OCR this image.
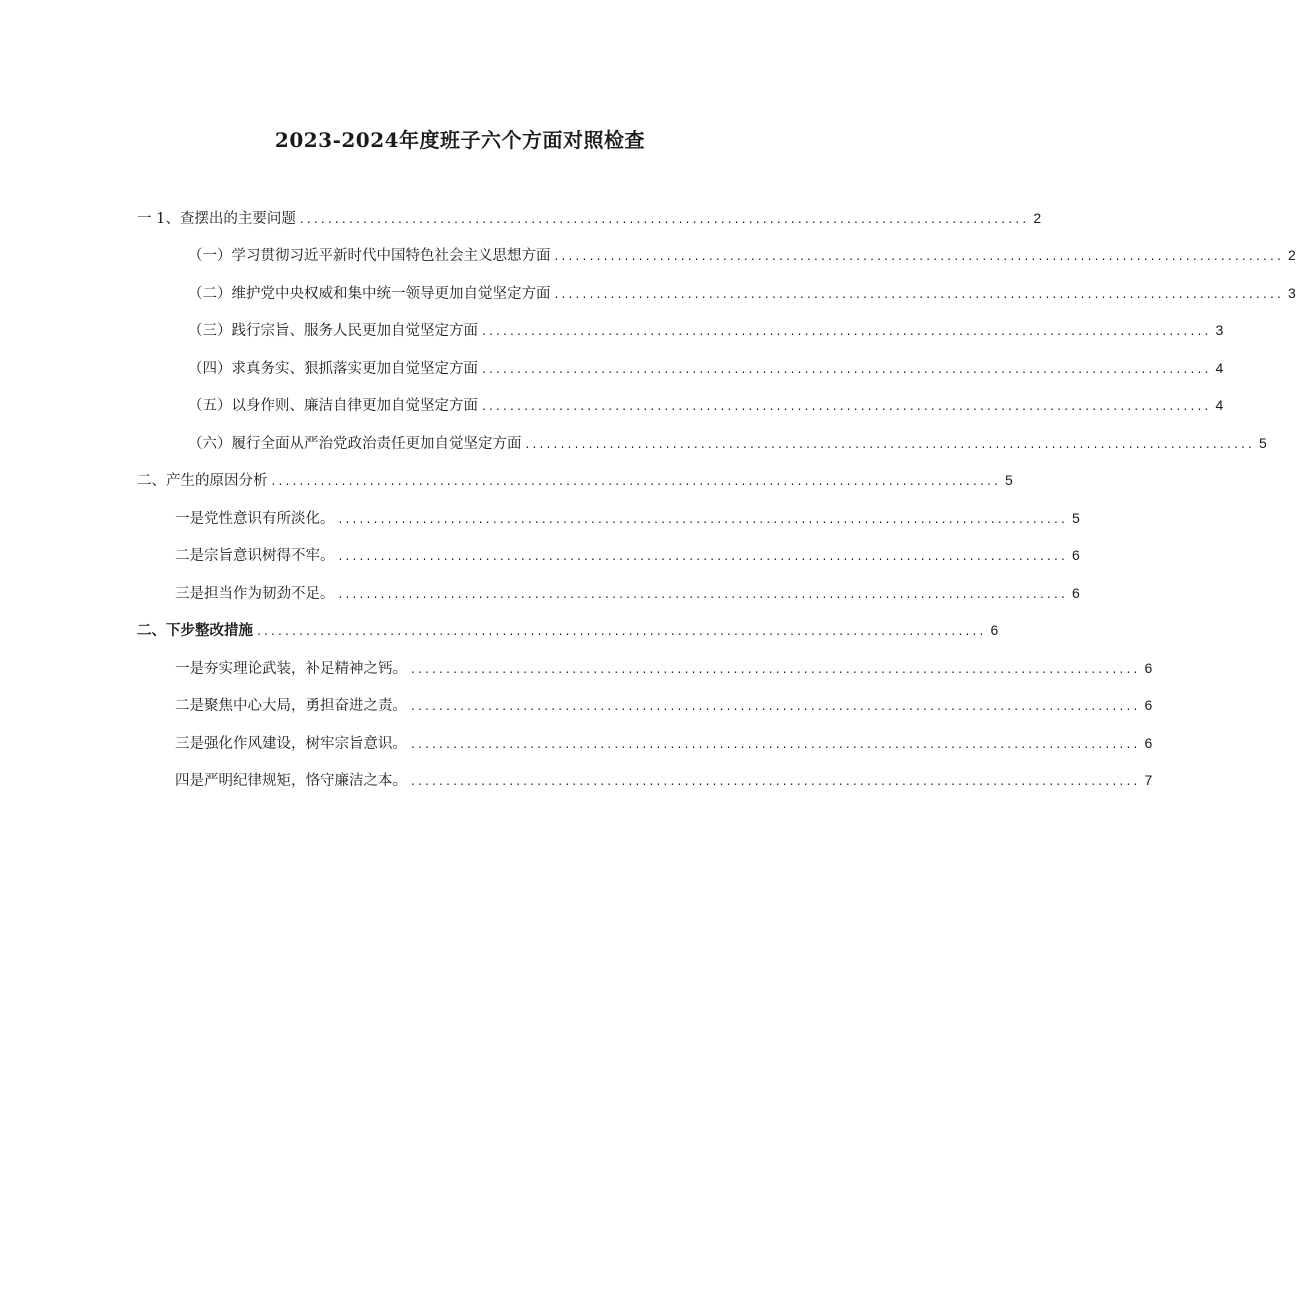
2023-2024年度班子六个方面对照检查
一 1、查摆出的主要问题 ........................................................................................................ 2
（一）学习贯彻习近平新时代中国特色社会主义思想方面 ........................................................................................................ 2
（二）维护党中央权威和集中统一领导更加自觉坚定方面 ........................................................................................................ 3
（三）践行宗旨、服务人民更加自觉坚定方面 ........................................................................................................ 3
（四）求真务实、狠抓落实更加自觉坚定方面 ........................................................................................................ 4
（五）以身作则、廉洁自律更加自觉坚定方面 ........................................................................................................ 4
（六）履行全面从严治党政治责任更加自觉坚定方面 ........................................................................................................ 5
二、产生的原因分析 ........................................................................................................ 5
一是党性意识有所淡化。 ........................................................................................................ 5
二是宗旨意识树得不牢。 ........................................................................................................ 6
三是担当作为韧劲不足。 ........................................................................................................ 6
二、下步整改措施 ........................................................................................................ 6
一是夯实理论武装，补足精神之钙。 ........................................................................................................ 6
二是聚焦中心大局，勇担奋进之责。 ........................................................................................................ 6
三是强化作风建设，树牢宗旨意识。 ........................................................................................................ 6
四是严明纪律规矩，恪守廉洁之本。 ........................................................................................................ 7
